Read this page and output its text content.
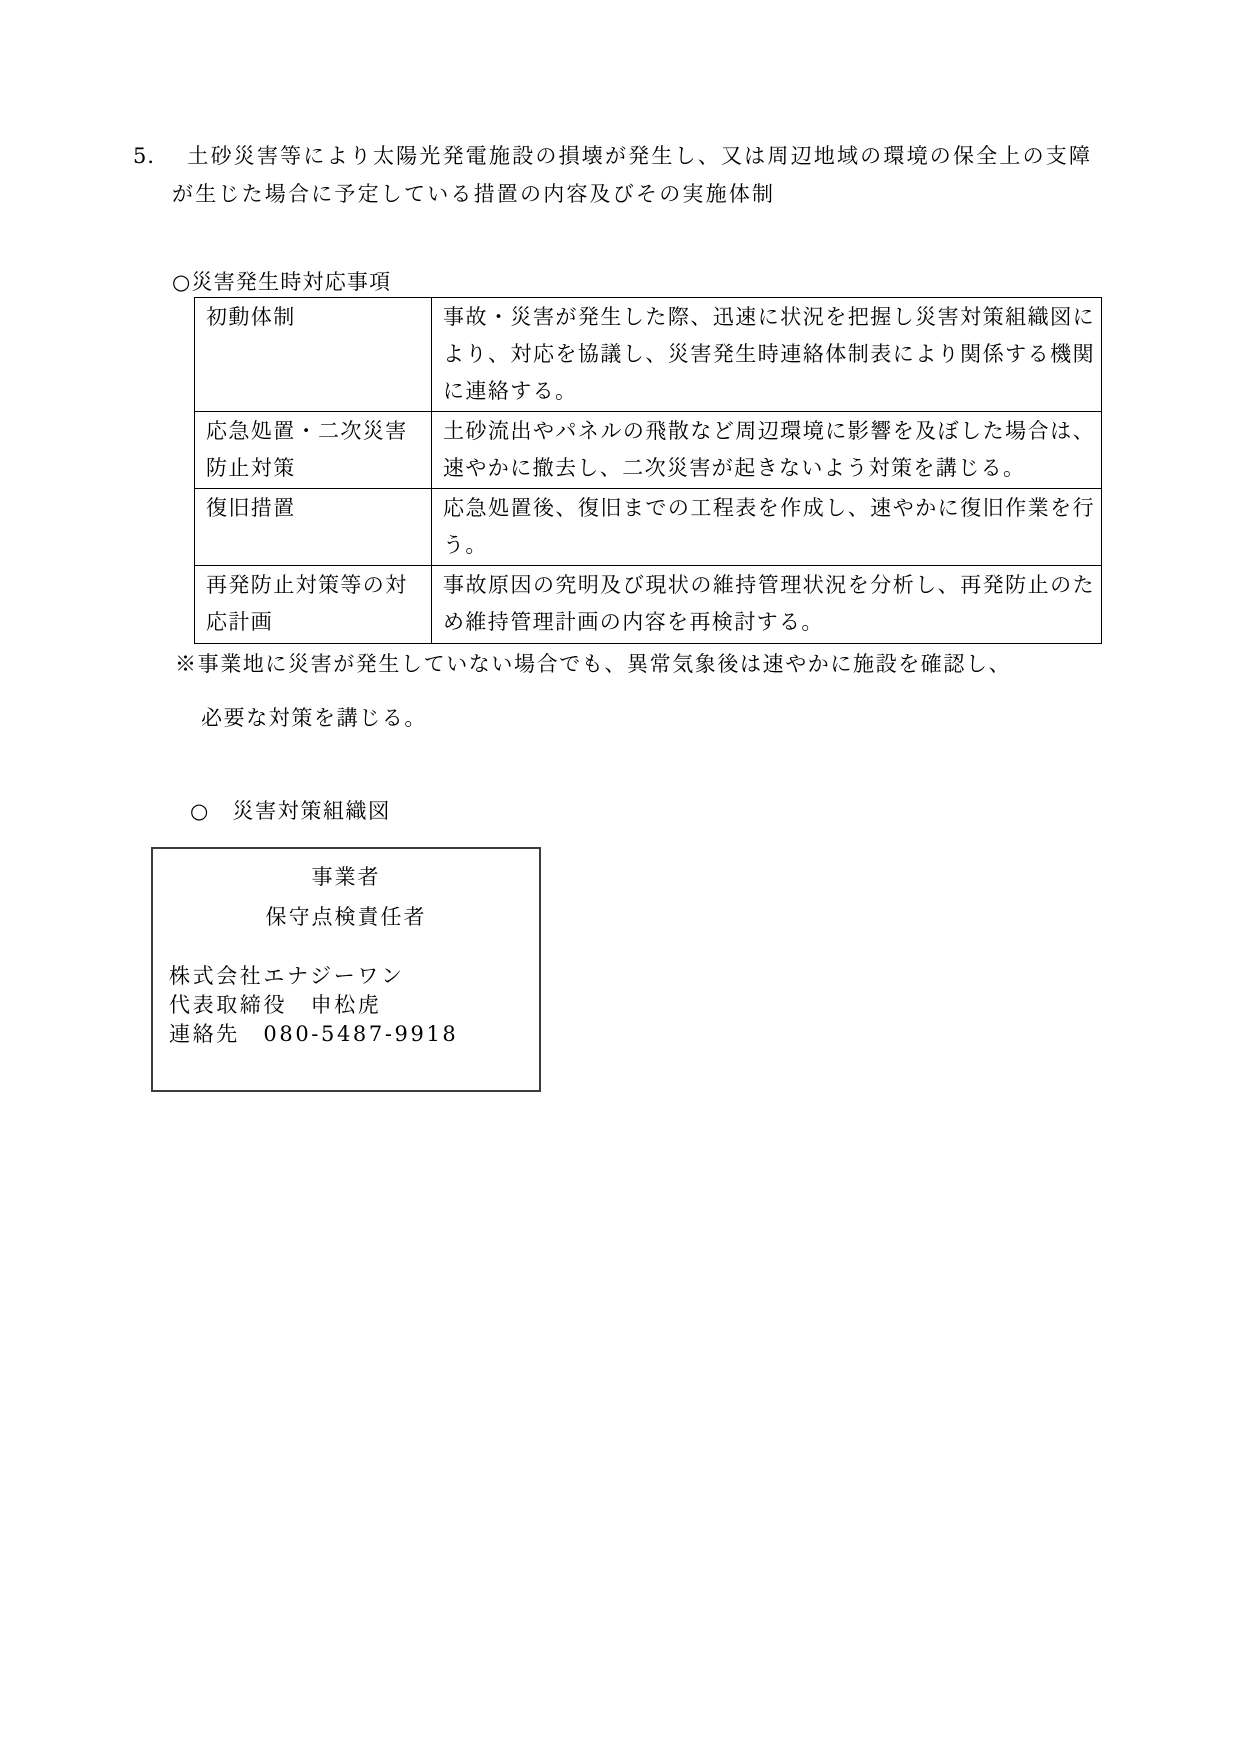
5． 土砂災害等により太陽光発電施設の損壊が発生し、又は周辺地域の環境の保全上の支障
が生じた場合に予定している措置の内容及びその実施体制
○災害発生時対応事項
初動体制	事故・災害が発生した際、迅速に状況を把握し災害対策組織図により、対応を協議し、災害発生時連絡体制表により関係する機関に連絡する。
応急処置・二次災害防止対策	土砂流出やパネルの飛散など周辺環境に影響を及ぼした場合は、速やかに撤去し、二次災害が起きないよう対策を講じる。
復旧措置	応急処置後、復旧までの工程表を作成し、速やかに復旧作業を行う。
再発防止対策等の対応計画	事故原因の究明及び現状の維持管理状況を分析し、再発防止のため維持管理計画の内容を再検討する。
※事業地に災害が発生していない場合でも、異常気象後は速やかに施設を確認し、
必要な対策を講じる。
○　災害対策組織図
事業者
保守点検責任者
株式会社エナジーワン
代表取締役　申松虎
連絡先　080-5487-9918
